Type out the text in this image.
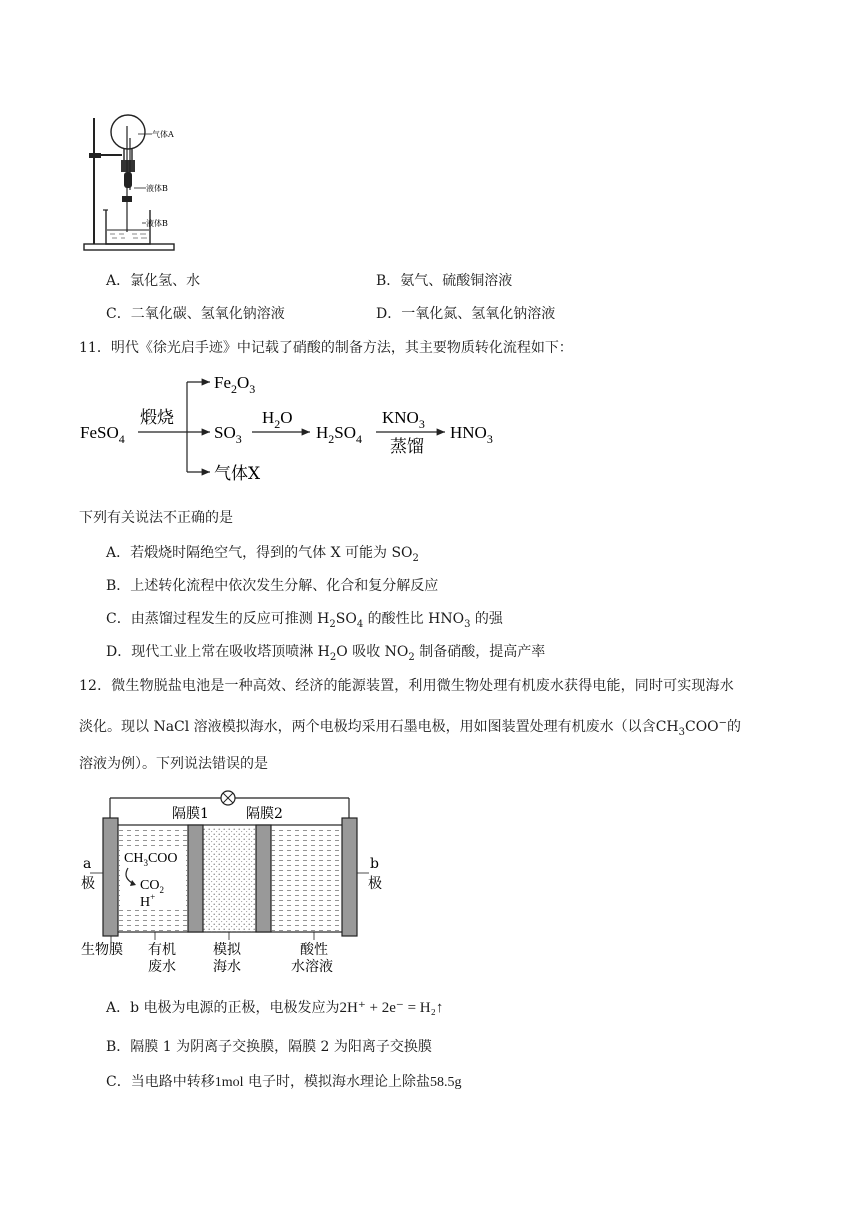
气体A
液体B
液体B
A．氯化氢、水	B．氨气、硫酸铜溶液
C．二氧化碳、氢氧化钠溶液	D．一氧化氮、氢氧化钠溶液
11．明代《徐光启手迹》中记载了硝酸的制备方法，其主要物质转化流程如下：
FeSO$_4$
煅烧
$Fe_2O_3$
$SO_3$
气体X
$H_2O$
$H_2SO_4$
$KNO_3$
蒸馏
$HNO_3$
下列有关说法不正确的是
A．若煅烧时隔绝空气，得到的气体 X 可能为 $SO_2$
B．上述转化流程中依次发生分解、化合和复分解反应
C．由蒸馏过程发生的反应可推测 $H_2SO_4$ 的酸性比 $HNO_3$ 的强
D．现代工业上常在吸收塔顶喷淋 $H_2O$ 吸收 $NO_2$ 制备硝酸，提高产率
12．微生物脱盐电池是一种高效、经济的能源装置，利用微生物处理有机废水获得电能，同时可实现海水
淡化。现以 NaCl 溶液模拟海水，两个电极均采用石墨电极，用如图装置处理有机废水（以含$CH_3COO^-$的
溶液为例）。下列说法错误的是
隔膜1	隔膜2
$CH_3COO$
$CO_2$
H+
a
极
b
极
生物膜 有机
废水
模拟
海水
酸性
水溶液
A．b 电极为电源的正极，电极发应为2H⁺ + 2e⁻ = H₂↑
B．隔膜 1 为阴离子交换膜，隔膜 2 为阳离子交换膜
C．当电路中转移1mol 电子时，模拟海水理论上除盐58.5g
